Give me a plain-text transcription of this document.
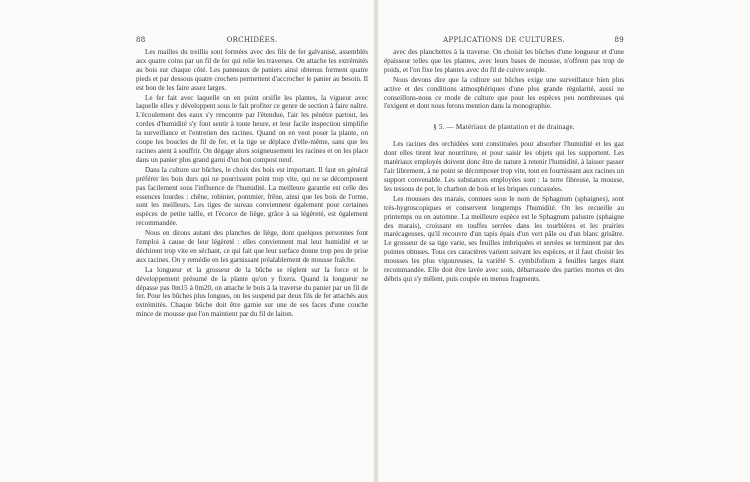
88	ORCHIDÉES.

Les mailles du treillis sont formées avec des fils de fer galvanisé, assemblés aux quatre coins par un fil de fer qui relie les traverses. On attache les extrémités au bois sur chaque côté. Les panneaux de paniers ainsi obtenus forment quatre pieds et par dessous quatre crochets permettent d'accrocher le panier au besoin. Il est bon de les faire assez larges.

Le fer fait avec laquelle on en point orsifle les plantes, la vigueur avec laquelle elles y développent sous le fait profiter ce genre de section à faire naître. L'écoulement des eaux s'y rencontre par l'étendue, l'air les pénètre partout, les cordes d'humidité s'y font sentir à toute heure, et leur facile inspection simplifie la surveillance et l'entretien des racines. Quand on en veut poser la plante, on coupe les boucles de fil de fer, et la tige se déplace d'elle-même, sans que les racines aient à souffrir. On dégage alors soigneusement les racines et on les place dans un panier plus grand garni d'un bon compost neuf.

Dans la culture sur bûches, le choix des bois est important. Il faut en général préférer les bois durs qui ne pourrissent point trop vite, qui ne se décomposent pas facilement sous l'influence de l'humidité. La meilleure garantie est celle des essences lourdes : chêne, robinier, pommier, frêne, ainsi que les bois de l'orme, sont les meilleurs. Les tiges de sureau conviennent également pour certaines espèces de petite taille, et l'écorce de liège, grâce à sa légèreté, est également recommandée.

Nous en dirons autant des planches de liège, dont quelques personnes font l'emploi à cause de leur légèreté : elles conviennent mal leur humidité et se déchirent trop vite en séchant, ce qui fait que leur surface donne trop peu de prise aux racines. On y remédie en les garnissant préalablement de mousse fraîche.

La longueur et la grosseur de la bûche se règlent sur la force et le développement présumé de la plante qu'on y fixera. Quand la longueur ne dépasse pas 0m15 à 0m20, on attache le bois à la traverse du panier par un fil de fer. Pour les bûches plus longues, on les suspend par deux fils de fer attachés aux extrémités. Chaque bûche doit être garnie sur une de ses faces d'une couche mince de mousse que l'on maintient par du fil de laiton.

APPLICATIONS DE CULTURES.	89

avec des planchettes à la traverse. On choisit les bûches d'une longueur et d'une épaisseur telles que les plantes, avec leurs bases de mousse, n'offrent pas trop de poids, et l'on fixe les plantes avec du fil de cuivre souple.

Nous devons dire que la culture sur bûches exige une surveillance bien plus active et des conditions atmosphériques d'une plus grande régularité, aussi ne conseillons-nous ce mode de culture que pour les espèces peu nombreuses qui l'exigent et dont nous ferons mention dans la monographie.

§ 5. — Matériaux de plantation et de drainage.

Les racines des orchidées sont constituées pour absorber l'humidité et les gaz dont elles tirent leur nourriture, et pour saisir les objets qui les supportent. Les matériaux employés doivent donc être de nature à retenir l'humidité, à laisser passer l'air librement, à ne point se décomposer trop vite, tout en fournissant aux racines un support convenable. Les substances employées sont : la terre fibreuse, la mousse, les tessons de pot, le charbon de bois et les briques concassées.

Les mousses des marais, connues sous le nom de Sphagnum (sphaignes), sont très-hygroscopiques et conservent longtemps l'humidité. On les recueille au printemps ou en automne. La meilleure espèce est le Sphagnum palustre (sphaigne des marais), croissant en touffes serrées dans les tourbières et les prairies marécageuses, qu'il recouvre d'un tapis épais d'un vert pâle ou d'un blanc grisâtre. Le grosseur de sa tige varie, ses feuilles imbriquées et serrées se terminent par des pointes obtuses. Tous ces caractères varient suivant les espèces, et il faut choisir les mousses les plus vigoureuses, la variété S. cymbifolium à feuilles larges étant recommandée. Elle doit être lavée avec soin, débarrassée des parties mortes et des débris qui s'y mêlent, puis coupée en menus fragments.
